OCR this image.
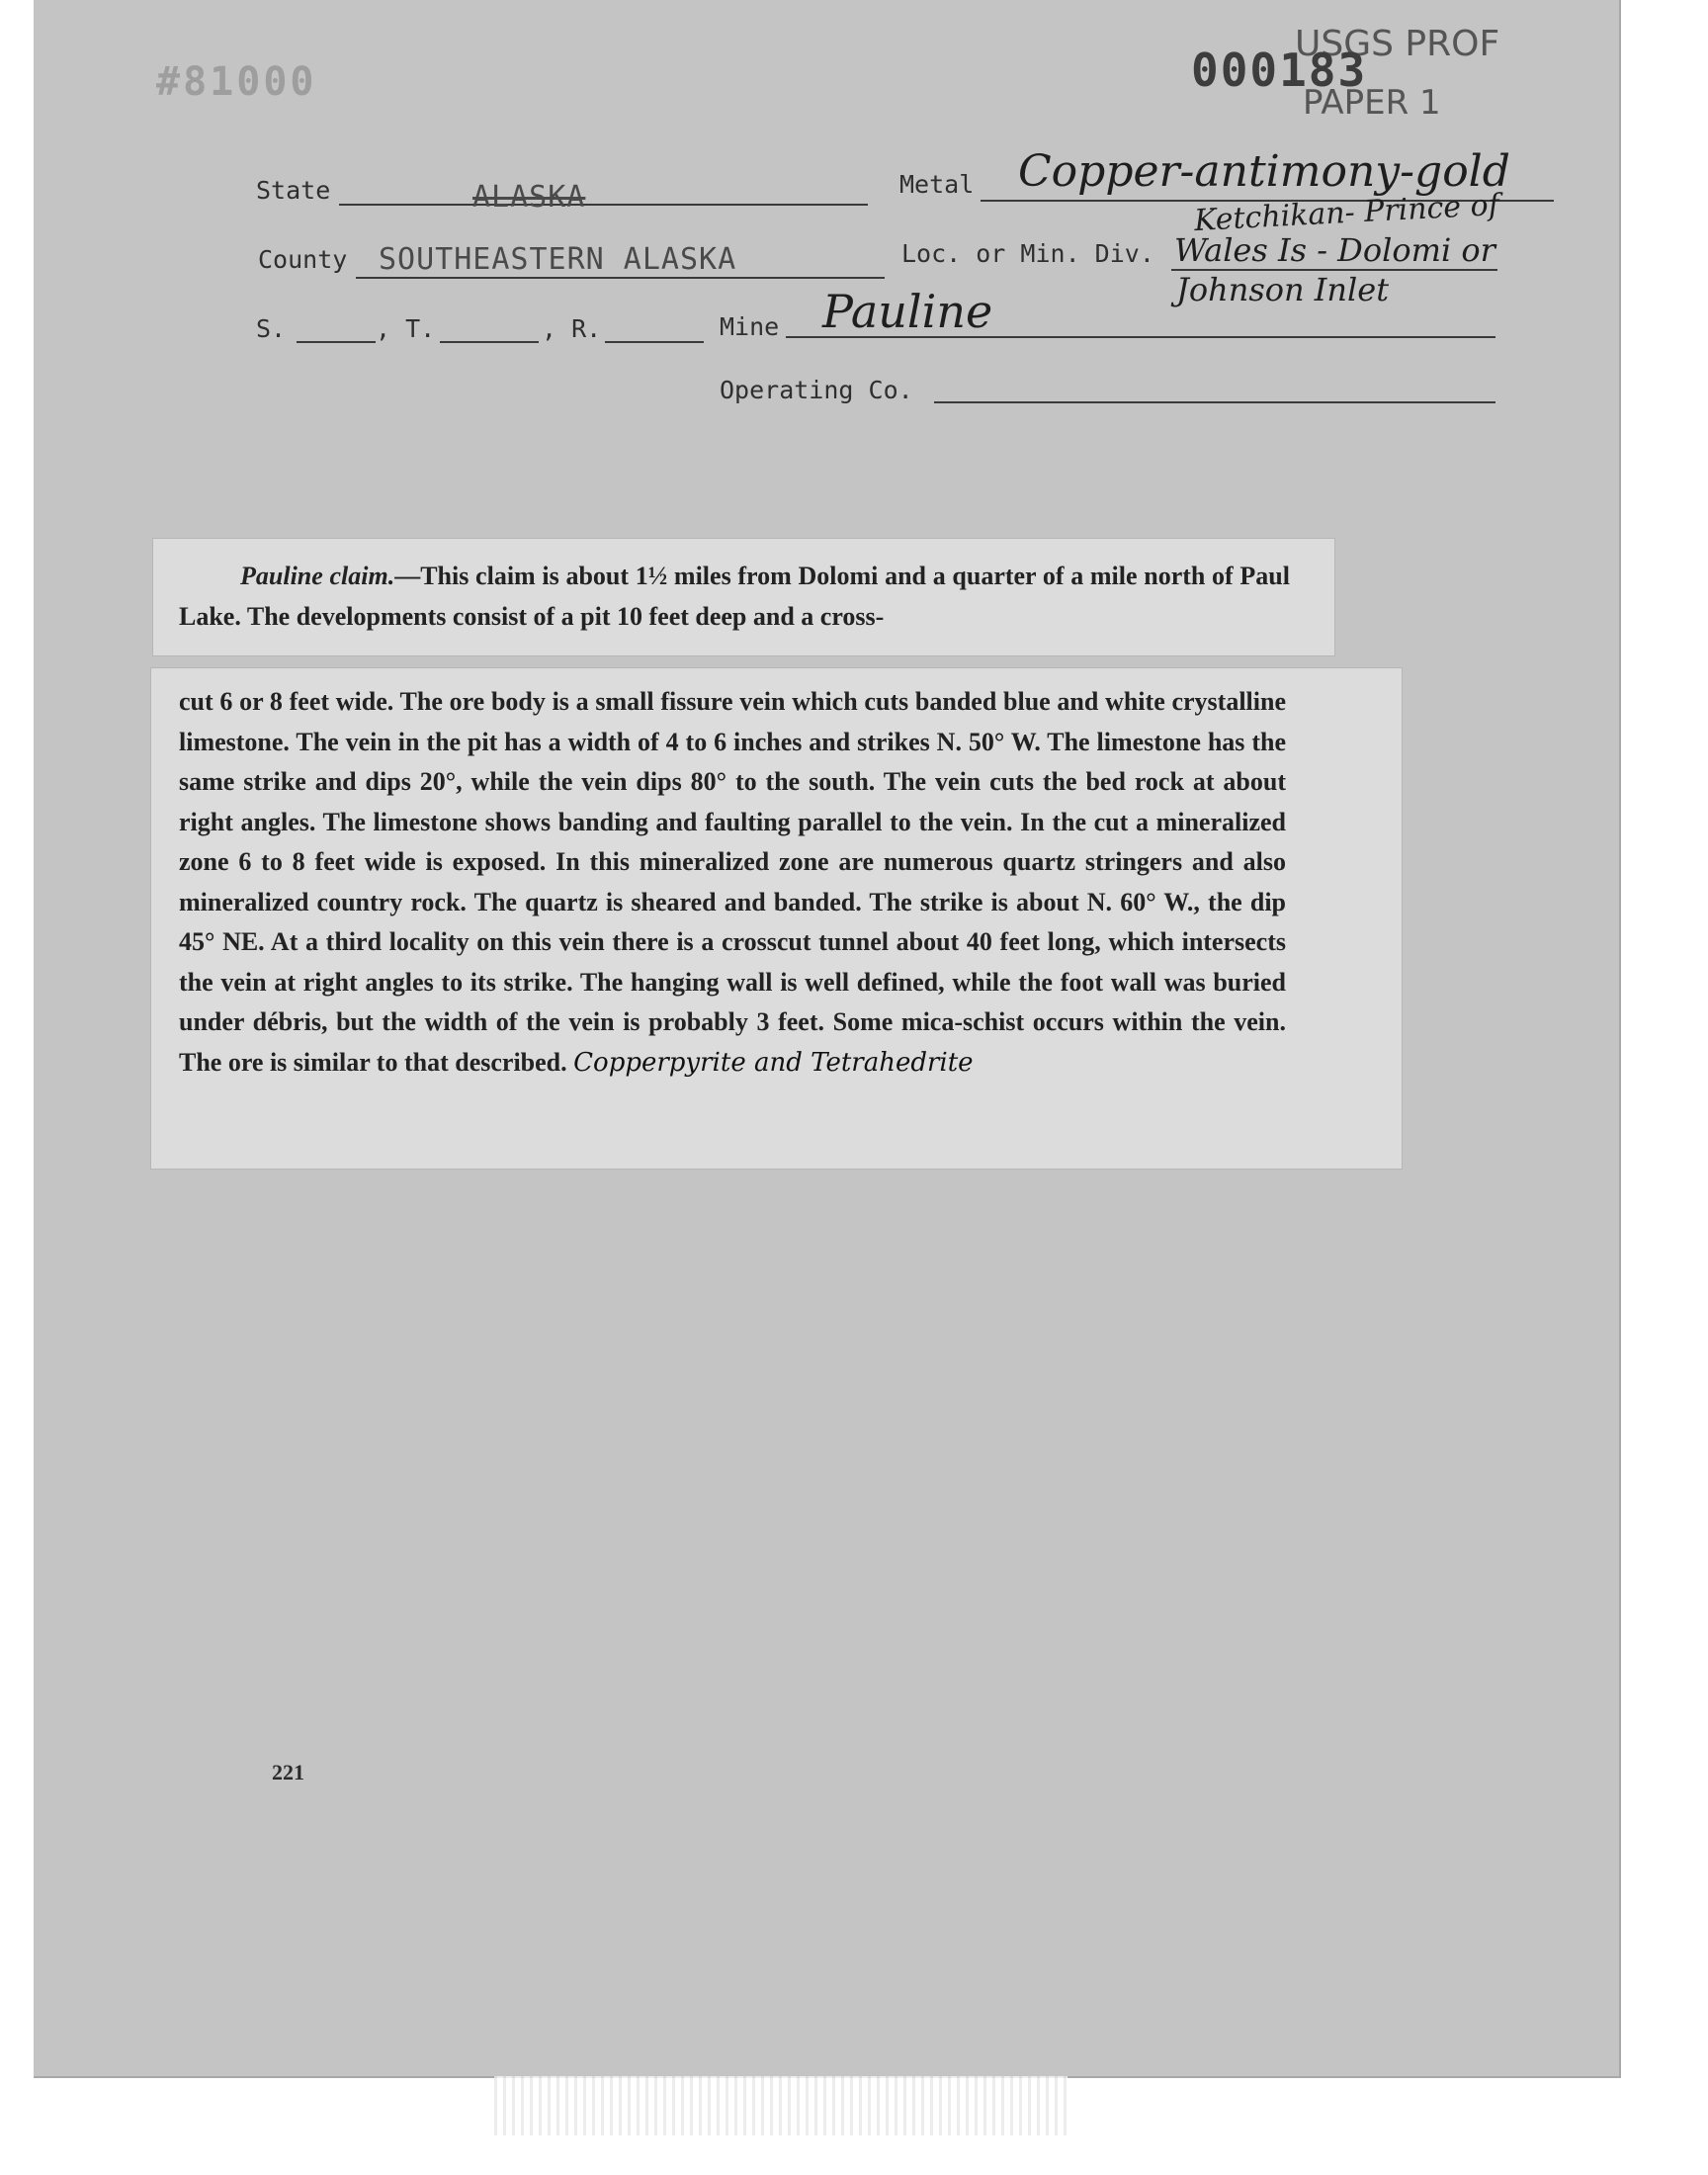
#81000
USGS PROF
000183
PAPER 1
State	ALASKA	Metal Copper-antimony-gold
County SOUTHEASTERN ALASKA	Loc. or Min. Div.
Ketchikan- Prince of
Wales Is - Dolomi or
Johnson Inlet
S.	, T.	, R.	Mine Pauline
Operating Co.
Pauline claim.—This claim is about 1½ miles from Dolomi and a quarter of a mile north of Paul Lake. The developments consist of a pit 10 feet deep and a cross-
cut 6 or 8 feet wide. The ore body is a small fissure vein which cuts banded blue and white crystalline limestone. The vein in the pit has a width of 4 to 6 inches and strikes N. 50° W. The limestone has the same strike and dips 20°, while the vein dips 80° to the south. The vein cuts the bed rock at about right angles. The limestone shows banding and faulting parallel to the vein. In the cut a mineralized zone 6 to 8 feet wide is exposed. In this mineralized zone are numerous quartz stringers and also mineralized country rock. The quartz is sheared and banded. The strike is about N. 60° W., the dip 45° NE. At a third locality on this vein there is a crosscut tunnel about 40 feet long, which intersects the vein at right angles to its strike. The hanging wall is well defined, while the foot wall was buried under débris, but the width of the vein is probably 3 feet. Some mica-schist occurs within the vein. The ore is similar to that described. Copperpyrite and Tetrahedrite
221
